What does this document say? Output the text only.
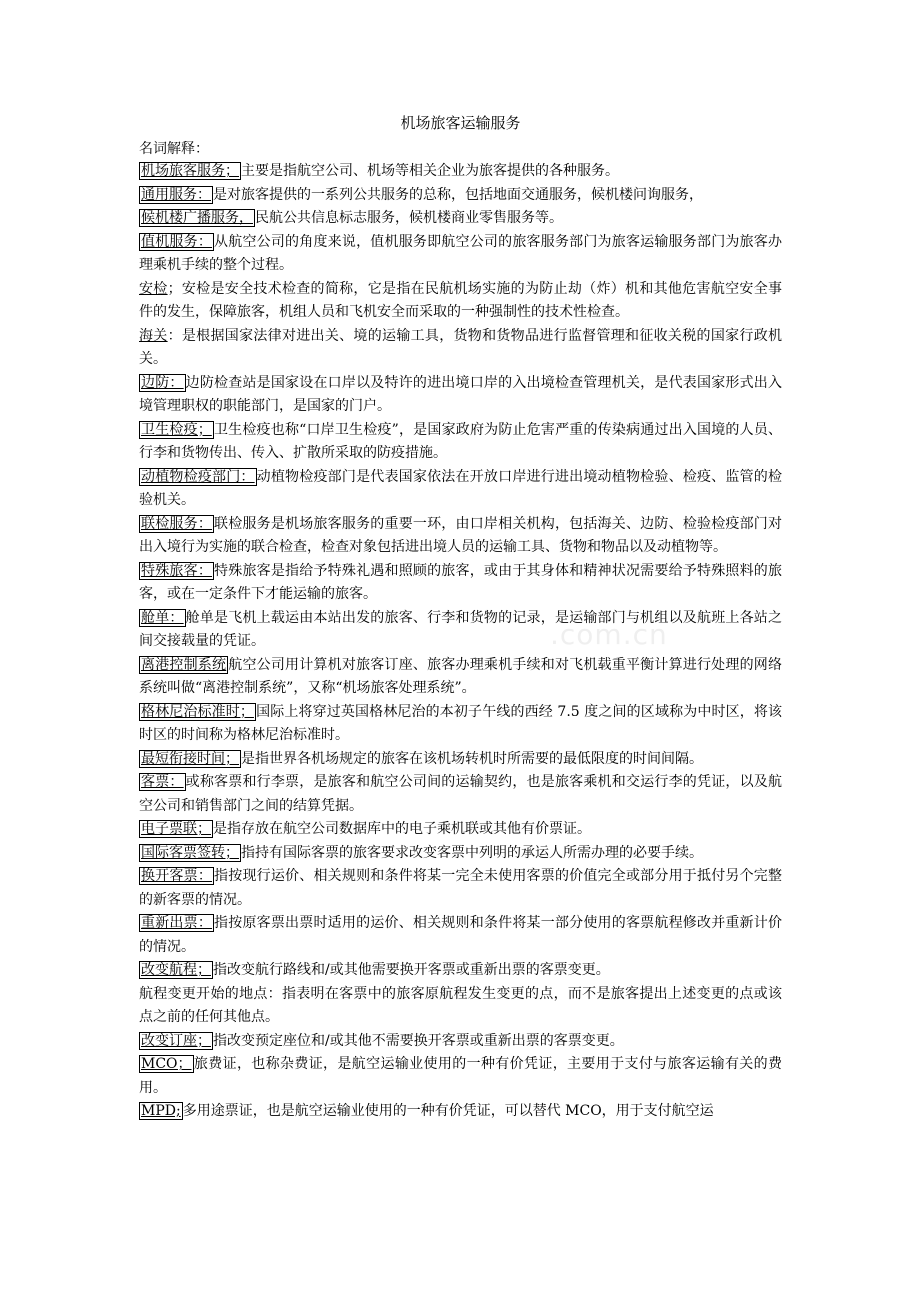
机场旅客运输服务

名词解释：

机场旅客服务； 主要是指航空公司、机场等相关企业为旅客提供的各种服务。

通用服务： 是对旅客提供的一系列公共服务的总称，包括地面交通服务，候机楼问询服务，

候机楼广播服务， 民航公共信息标志服务，候机楼商业零售服务等。

值机服务： 从航空公司的角度来说，值机服务即航空公司的旅客服务部门为旅客运输服务部门为旅客办理乘机手续的整个过程。

安检；安检是安全技术检查的简称，它是指在民航机场实施的为防止劫（炸）机和其他危害航空安全事件的发生，保障旅客，机组人员和飞机安全而采取的一种强制性的技术性检查。

海关：是根据国家法律对进出关、境的运输工具，货物和货物品进行监督管理和征收关税的国家行政机关。

边防： 边防检查站是国家设在口岸以及特许的进出境口岸的入出境检查管理机关，是代表国家形式出入境管理职权的职能部门，是国家的门户。

卫生检疫； 卫生检疫也称“口岸卫生检疫”，是国家政府为防止危害严重的传染病通过出入国境的人员、行李和货物传出、传入、扩散所采取的防疫措施。

动植物检疫部门： 动植物检疫部门是代表国家依法在开放口岸进行进出境动植物检验、检疫、监管的检验机关。

联检服务： 联检服务是机场旅客服务的重要一环，由口岸相关机构，包括海关、边防、检验检疫部门对出入境行为实施的联合检查，检查对象包括进出境人员的运输工具、货物和物品以及动植物等。

特殊旅客： 特殊旅客是指给予特殊礼遇和照顾的旅客，或由于其身体和精神状况需要给予特殊照料的旅客，或在一定条件下才能运输的旅客。

舱单： 舱单是飞机上载运由本站出发的旅客、行李和货物的记录，是运输部门与机组以及航班上各站之间交接载量的凭证。

离港控制系统 航空公司用计算机对旅客订座、旅客办理乘机手续和对飞机载重平衡计算进行处理的网络系统叫做“离港控制系统”，又称“机场旅客处理系统”。

格林尼治标准时； 国际上将穿过英国格林尼治的本初子午线的西经 7.5 度之间的区域称为中时区，将该时区的时间称为格林尼治标准时。

最短衔接时间； 是指世界各机场规定的旅客在该机场转机时所需要的最低限度的时间间隔。

客票： 或称客票和行李票，是旅客和航空公司间的运输契约，也是旅客乘机和交运行李的凭证，以及航空公司和销售部门之间的结算凭据。

电子票联； 是指存放在航空公司数据库中的电子乘机联或其他有价票证。

国际客票签转； 指持有国际客票的旅客要求改变客票中列明的承运人所需办理的必要手续。

换开客票： 指按现行运价、相关规则和条件将某一完全未使用客票的价值完全或部分用于抵付另个完整的新客票的情况。

重新出票： 指按原客票出票时适用的运价、相关规则和条件将某一部分使用的客票航程修改并重新计价的情况。

改变航程； 指改变航行路线和/或其他需要换开客票或重新出票的客票变更。

航程变更开始的地点：指表明在客票中的旅客原航程发生变更的点，而不是旅客提出上述变更的点或该点之前的任何其他点。

改变订座； 指改变预定座位和/或其他不需要换开客票或重新出票的客票变更。

MCO； 旅费证，也称杂费证，是航空运输业使用的一种有价凭证，主要用于支付与旅客运输有关的费用。

MPD; 多用途票证，也是航空运输业使用的一种有价凭证，可以替代 MCO，用于支付航空运

.com.cn
